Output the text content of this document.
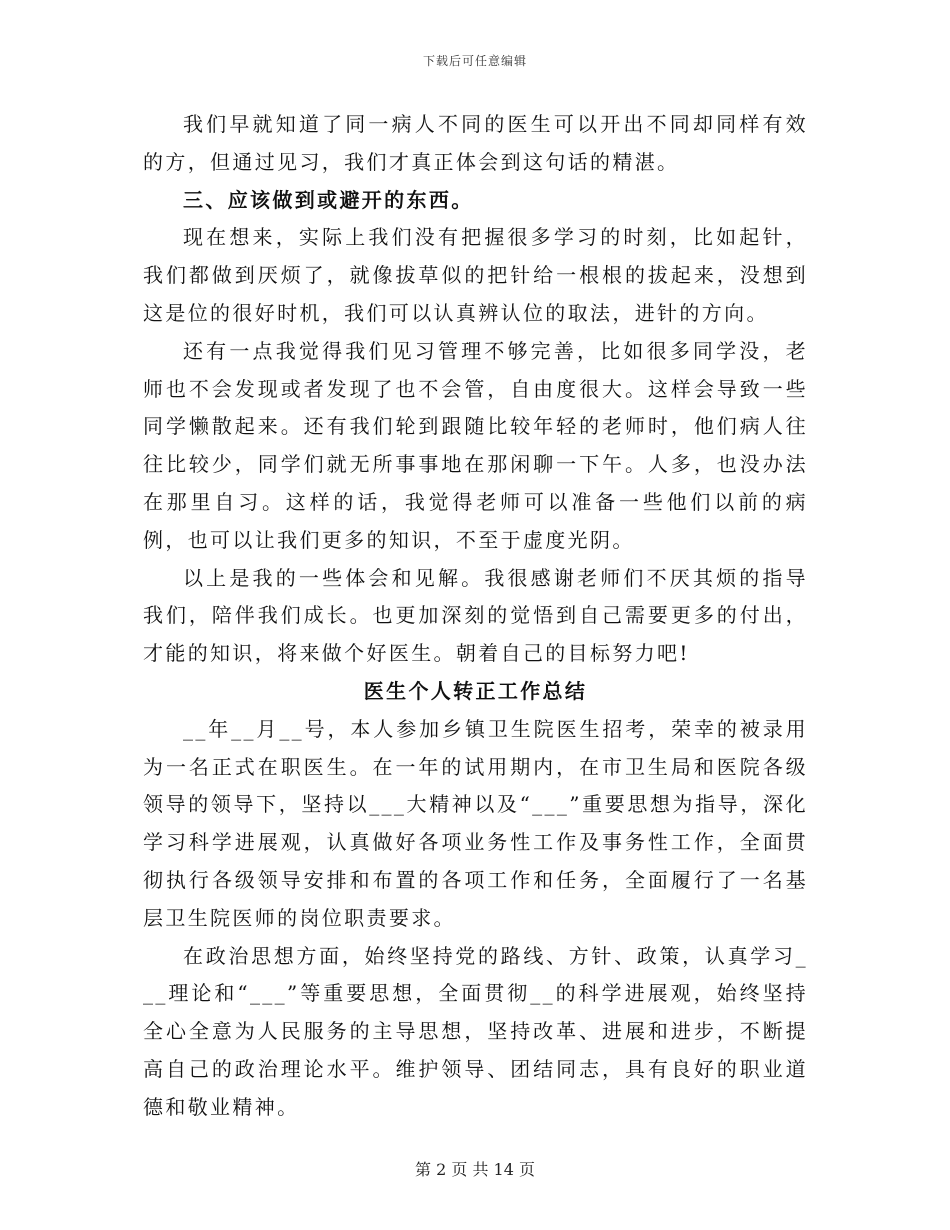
下载后可任意编辑

我们早就知道了同一病人不同的医生可以开出不同却同样有效的方，但通过见习，我们才真正体会到这句话的精湛。

三、应该做到或避开的东西。

现在想来，实际上我们没有把握很多学习的时刻，比如起针，我们都做到厌烦了，就像拔草似的把针给一根根的拔起来，没想到这是位的很好时机，我们可以认真辨认位的取法，进针的方向。

还有一点我觉得我们见习管理不够完善，比如很多同学没，老师也不会发现或者发现了也不会管，自由度很大。这样会导致一些同学懒散起来。还有我们轮到跟随比较年轻的老师时，他们病人往往比较少，同学们就无所事事地在那闲聊一下午。人多，也没办法在那里自习。这样的话，我觉得老师可以准备一些他们以前的病例，也可以让我们更多的知识，不至于虚度光阴。

以上是我的一些体会和见解。我很感谢老师们不厌其烦的指导我们，陪伴我们成长。也更加深刻的觉悟到自己需要更多的付出，才能的知识，将来做个好医生。朝着自己的目标努力吧!

医生个人转正工作总结

__年__月__号，本人参加乡镇卫生院医生招考，荣幸的被录用为一名正式在职医生。在一年的试用期内，在市卫生局和医院各级领导的领导下，坚持以___大精神以及“___”重要思想为指导，深化学习科学进展观，认真做好各项业务性工作及事务性工作，全面贯彻执行各级领导安排和布置的各项工作和任务，全面履行了一名基层卫生院医师的岗位职责要求。

在政治思想方面，始终坚持党的路线、方针、政策，认真学习___理论和“___”等重要思想，全面贯彻__的科学进展观，始终坚持全心全意为人民服务的主导思想，坚持改革、进展和进步，不断提高自己的政治理论水平。维护领导、团结同志，具有良好的职业道德和敬业精神。

第 2 页 共 14 页
